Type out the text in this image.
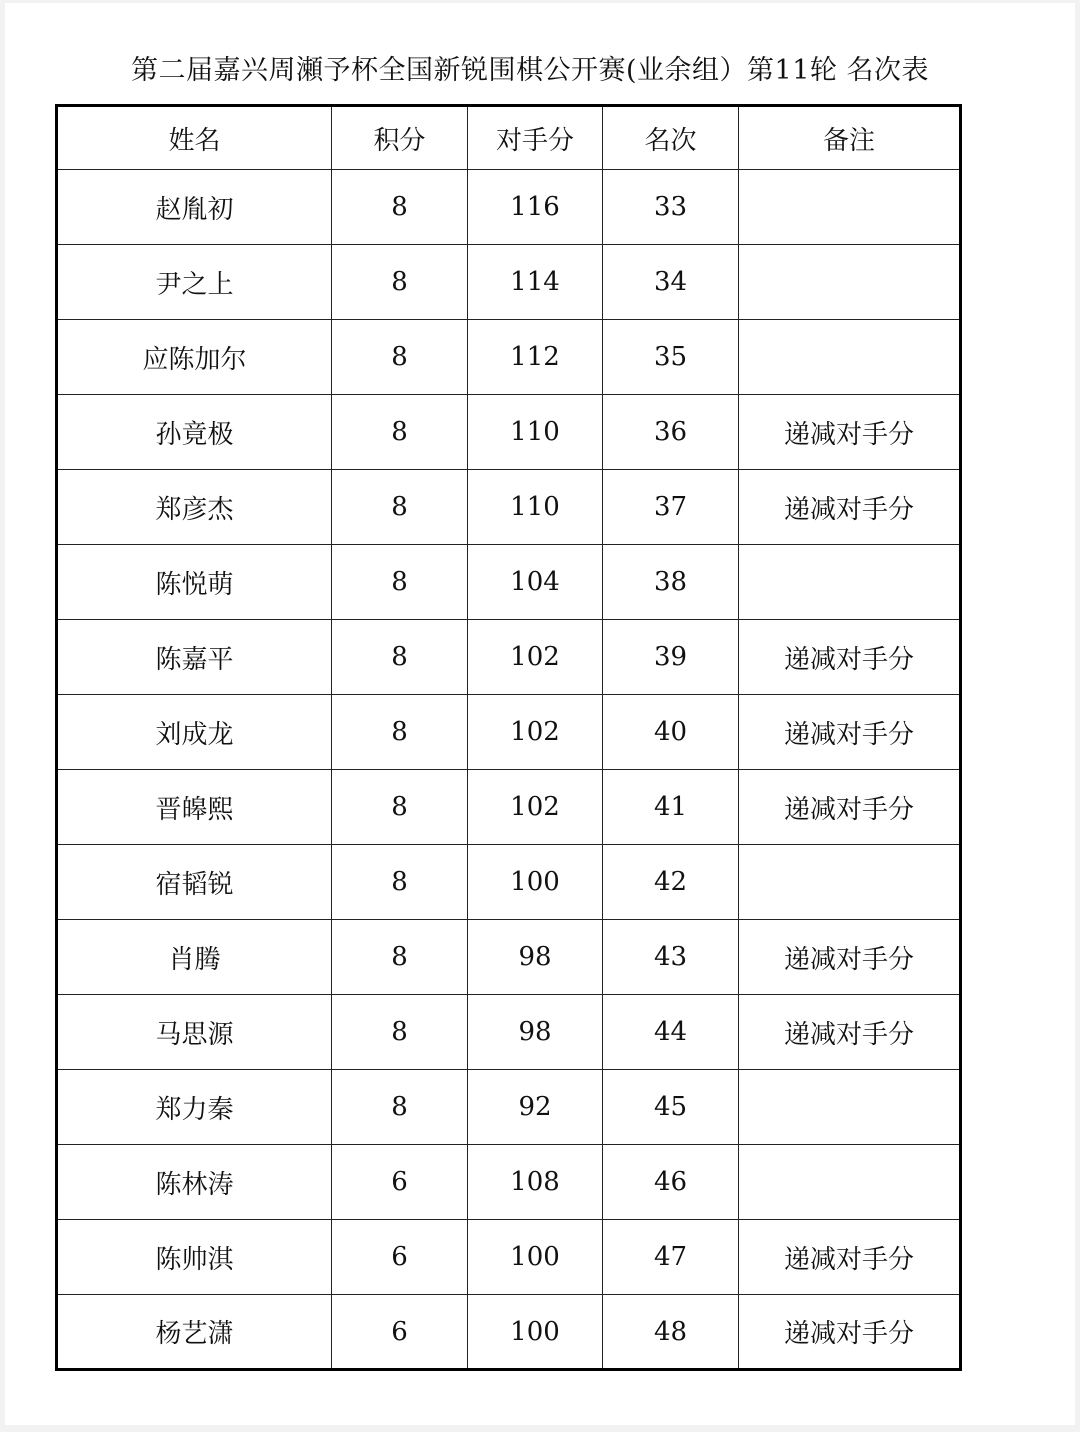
第二届嘉兴周瀬予杯全国新锐围棋公开赛(业余组）第11轮 名次表
姓名	积分	对手分	名次	备注
赵胤初	8	116	33	
尹之上	8	114	34	
应陈加尔	8	112	35	
孙竟极	8	110	36	递减对手分
郑彦杰	8	110	37	递减对手分
陈悦萌	8	104	38	
陈嘉平	8	102	39	递减对手分
刘成龙	8	102	40	递减对手分
晋皞熙	8	102	41	递减对手分
宿韬锐	8	100	42	
肖腾	8	98	43	递减对手分
马思源	8	98	44	递减对手分
郑力秦	8	92	45	
陈林涛	6	108	46	
陈帅淇	6	100	47	递减对手分
杨艺潇	6	100	48	递减对手分
